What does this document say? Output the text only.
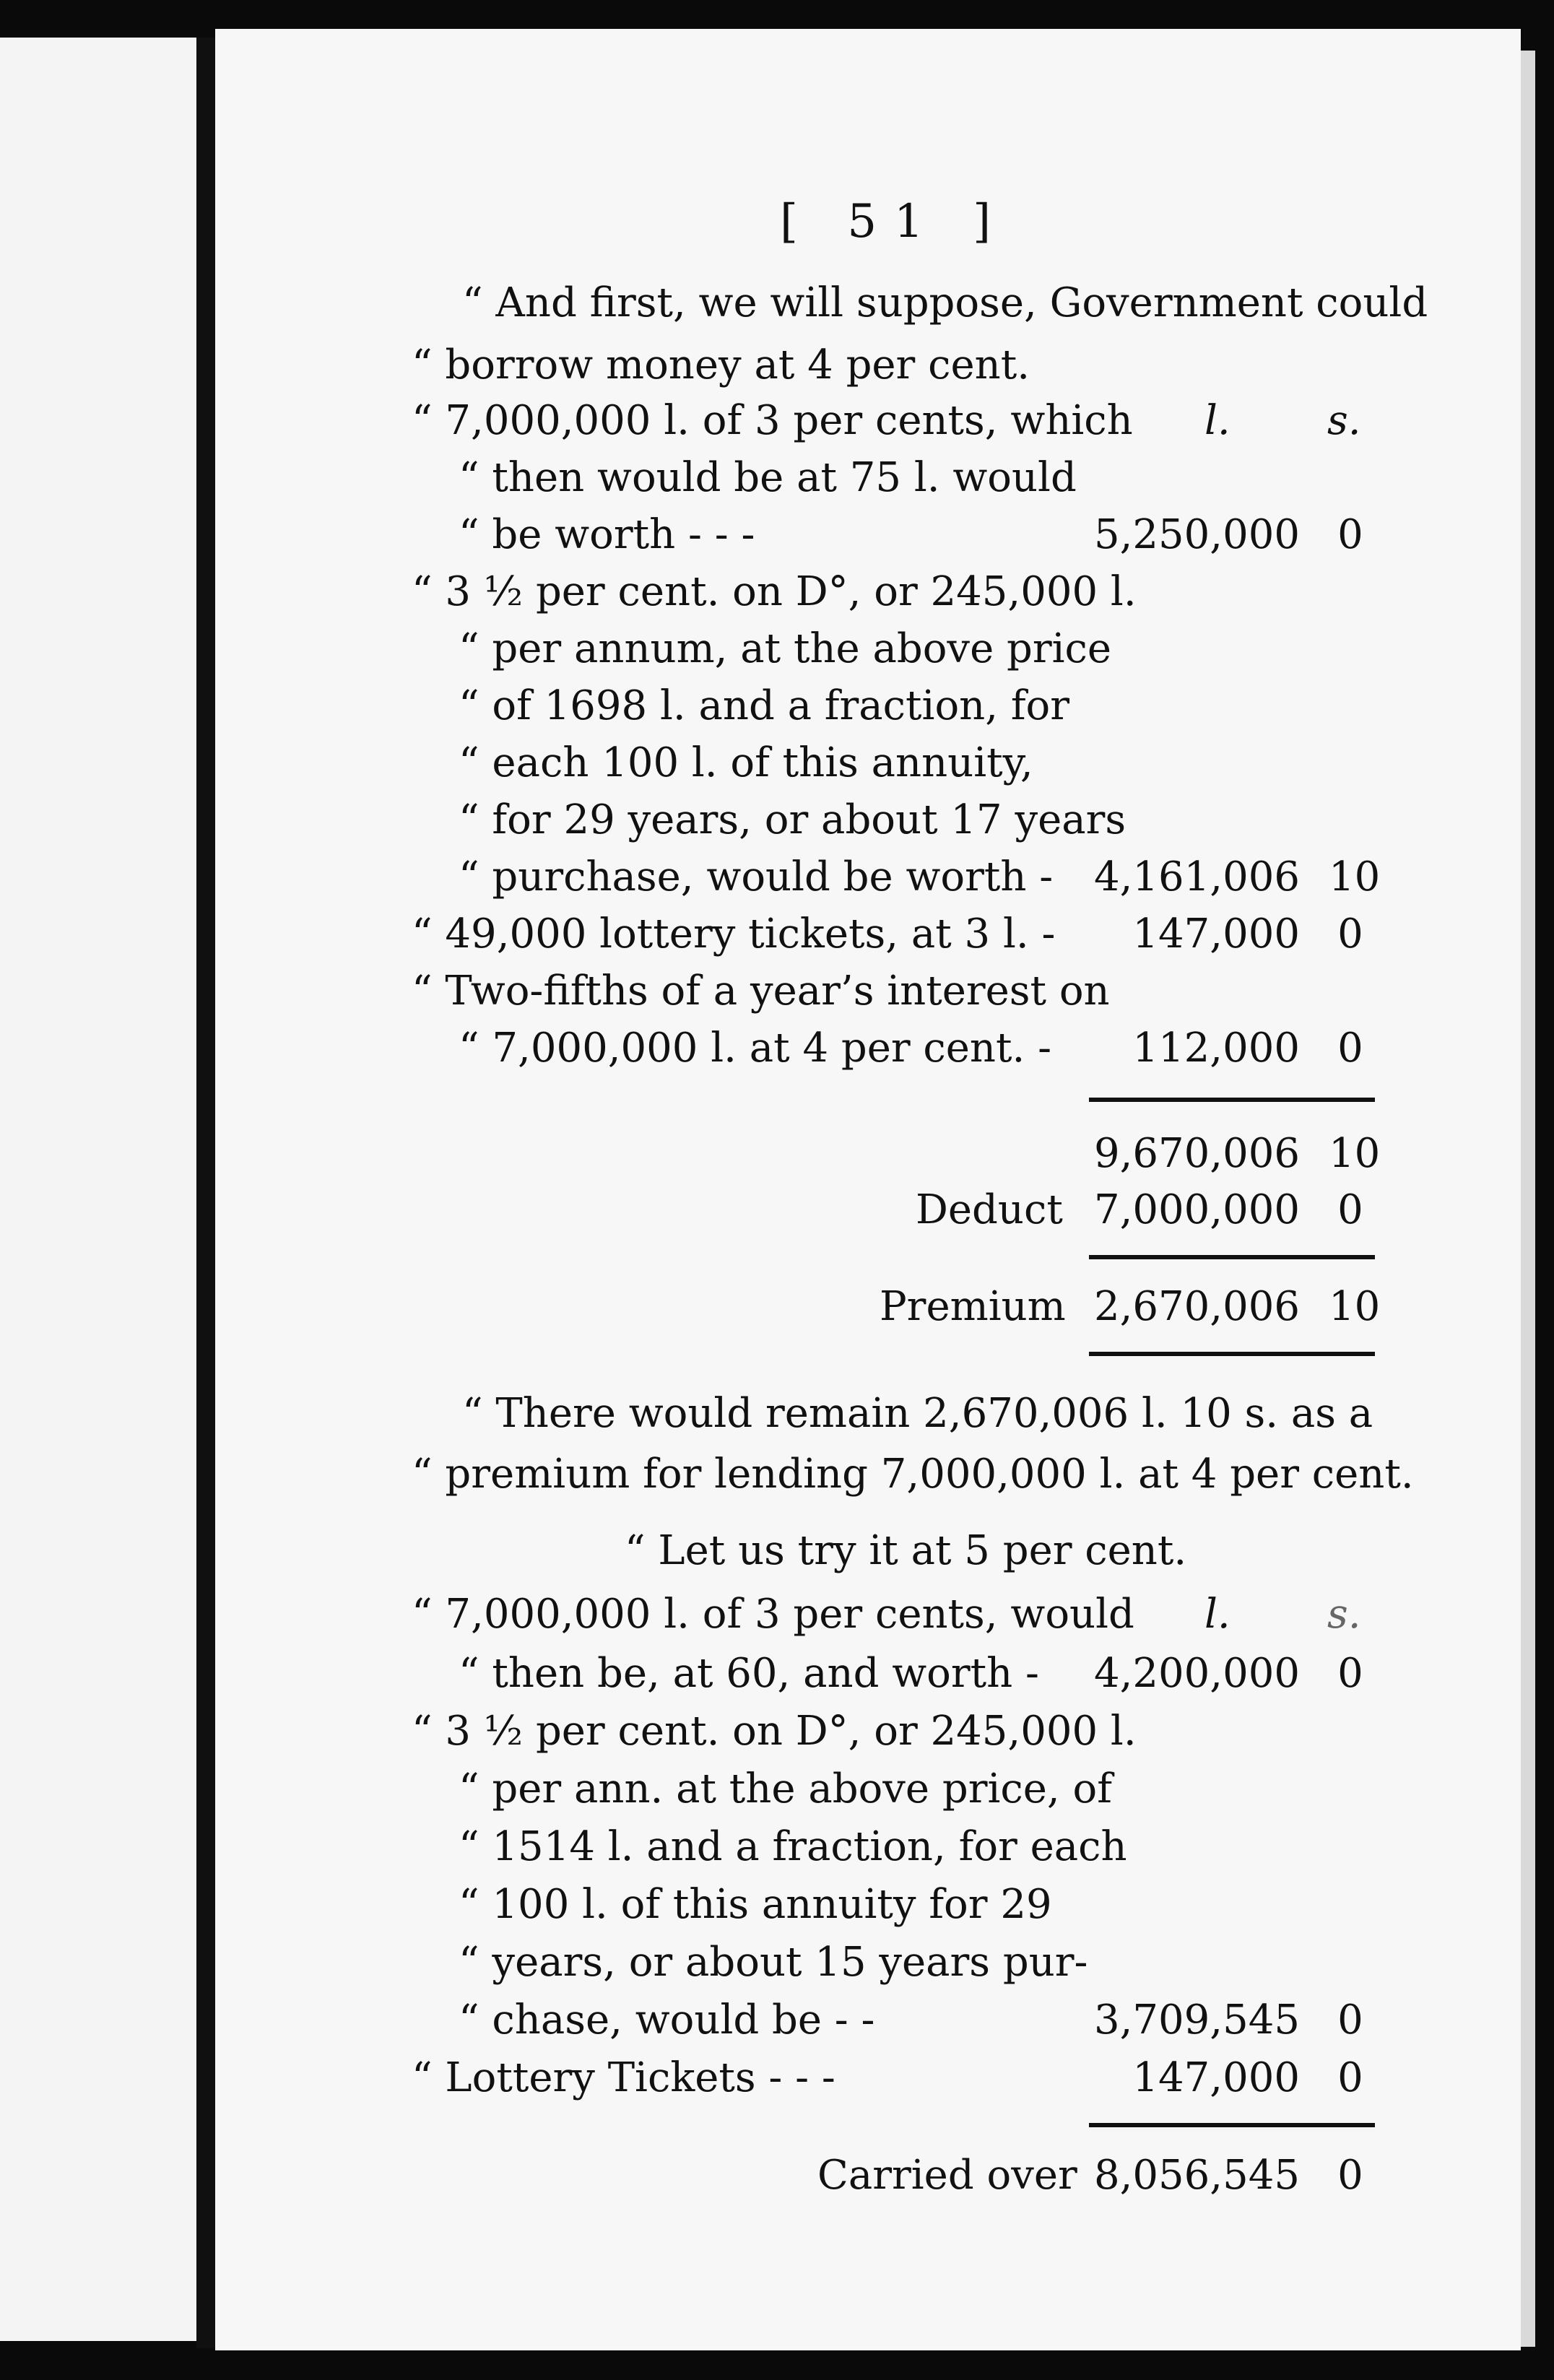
[ 51 ]
“ And first, we will suppose, Government could
“ borrow money at 4 per cent.
l. s.
“ 7,000,000 l. of 3 per cents, which
“ then would be at 75 l. would
“ be worth - - -	5,250,000 0
“ 3 ½ per cent. on D°, or 245,000 l.
“ per annum, at the above price
“ of 1698 l. and a fraction, for
“ each 100 l. of this annuity,
“ for 29 years, or about 17 years
“ purchase, would be worth - 4,161,006 10
“ 49,000 lottery tickets, at 3 l. -	147,000 0
“ Two-fifths of a year’s interest on
“ 7,000,000 l. at 4 per cent. -	112,000 0
9,670,006 10
Deduct 7,000,000 0
Premium 2,670,006 10
“ There would remain 2,670,006 l. 10 s. as a
“ premium for lending 7,000,000 l. at 4 per cent.
“ Let us try it at 5 per cent.
l. s.
“ 7,000,000 l. of 3 per cents, would
“ then be, at 60, and worth - 4,200,000 0
“ 3 ½ per cent. on D°, or 245,000 l.
“ per ann. at the above price, of
“ 1514 l. and a fraction, for each
“ 100 l. of this annuity for 29
“ years, or about 15 years pur-
“ chase, would be - -	3,709,545 0
“ Lottery Tickets - - -	147,000 0
Carried over 8,056,545 0
